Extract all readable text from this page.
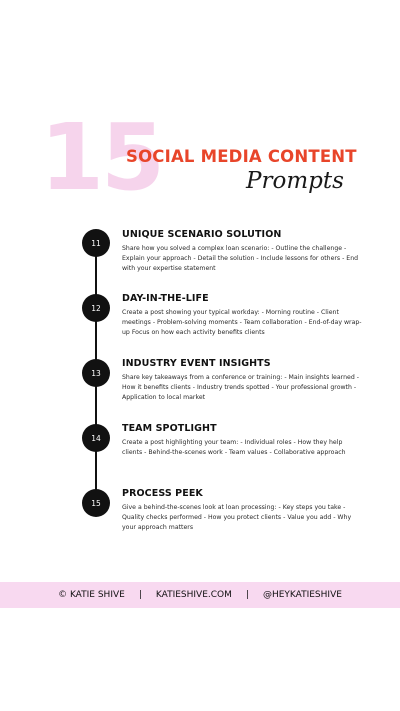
15
SOCIAL MEDIA CONTENT
Prompts
11
UNIQUE SCENARIO SOLUTION
Share how you solved a complex loan scenario: - Outline the challenge - Explain your approach - Detail the solution - Include lessons for others - End with your expertise statement
12
DAY-IN-THE-LIFE
Create a post showing your typical workday: - Morning routine - Client meetings - Problem-solving moments - Team collaboration - End-of-day wrap-up Focus on how each activity benefits clients
13
INDUSTRY EVENT INSIGHTS
Share key takeaways from a conference or training: - Main insights learned - How it benefits clients - Industry trends spotted - Your professional growth - Application to local market
14
TEAM SPOTLIGHT
Create a post highlighting your team: - Individual roles - How they help clients - Behind-the-scenes work - Team values - Collaborative approach
15
PROCESS PEEK
Give a behind-the-scenes look at loan processing: - Key steps you take - Quality checks performed - How you protect clients - Value you add - Why your approach matters
© KATIE SHIVE | KATIESHIVE.COM | @HEYKATIESHIVE
